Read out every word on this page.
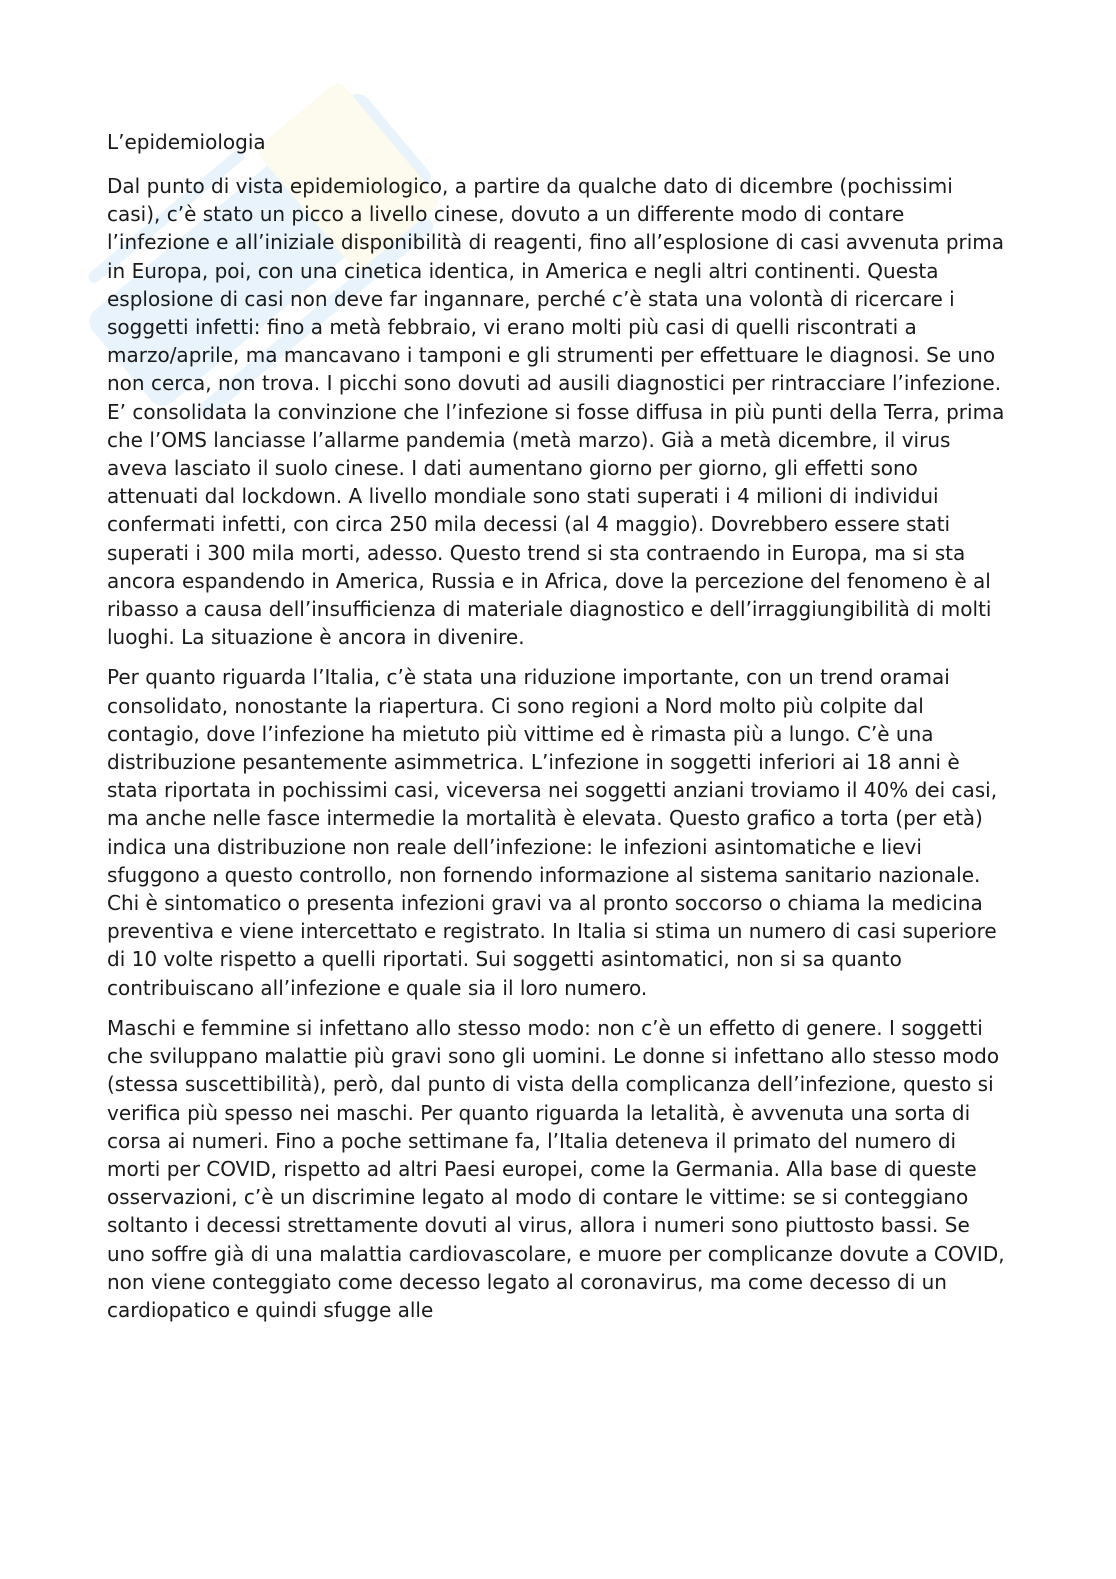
L’epidemiologia

Dal punto di vista epidemiologico, a partire da qualche dato di dicembre (pochissimi casi), c’è stato un picco a livello cinese, dovuto a un differente modo di contare l’infezione e all’iniziale disponibilità di reagenti, fino all’esplosione di casi avvenuta prima in Europa, poi, con una cinetica identica, in America e negli altri continenti. Questa esplosione di casi non deve far ingannare, perché c’è stata una volontà di ricercare i soggetti infetti: fino a metà febbraio, vi erano molti più casi di quelli riscontrati a marzo/aprile, ma mancavano i tamponi e gli strumenti per effettuare le diagnosi. Se uno non cerca, non trova. I picchi sono dovuti ad ausili diagnostici per rintracciare l’infezione. E’ consolidata la convinzione che l’infezione si fosse diffusa in più punti della Terra, prima che l’OMS lanciasse l’allarme pandemia (metà marzo). Già a metà dicembre, il virus aveva lasciato il suolo cinese. I dati aumentano giorno per giorno, gli effetti sono attenuati dal lockdown. A livello mondiale sono stati superati i 4 milioni di individui confermati infetti, con circa 250 mila decessi (al 4 maggio). Dovrebbero essere stati superati i 300 mila morti, adesso. Questo trend si sta contraendo in Europa, ma si sta ancora espandendo in America, Russia e in Africa, dove la percezione del fenomeno è al ribasso a causa dell’insufficienza di materiale diagnostico e dell’irraggiungibilità di molti luoghi. La situazione è ancora in divenire.

Per quanto riguarda l’Italia, c’è stata una riduzione importante, con un trend oramai consolidato, nonostante la riapertura. Ci sono regioni a Nord molto più colpite dal contagio, dove l’infezione ha mietuto più vittime ed è rimasta più a lungo. C’è una distribuzione pesantemente asimmetrica. L’infezione in soggetti inferiori ai 18 anni è stata riportata in pochissimi casi, viceversa nei soggetti anziani troviamo il 40% dei casi, ma anche nelle fasce intermedie la mortalità è elevata. Questo grafico a torta (per età) indica una distribuzione non reale dell’infezione: le infezioni asintomatiche e lievi sfuggono a questo controllo, non fornendo informazione al sistema sanitario nazionale. Chi è sintomatico o presenta infezioni gravi va al pronto soccorso o chiama la medicina preventiva e viene intercettato e registrato. In Italia si stima un numero di casi superiore di 10 volte rispetto a quelli riportati. Sui soggetti asintomatici, non si sa quanto contribuiscano all’infezione e quale sia il loro numero.

Maschi e femmine si infettano allo stesso modo: non c’è un effetto di genere. I soggetti che sviluppano malattie più gravi sono gli uomini. Le donne si infettano allo stesso modo (stessa suscettibilità), però, dal punto di vista della complicanza dell’infezione, questo si verifica più spesso nei maschi. Per quanto riguarda la letalità, è avvenuta una sorta di corsa ai numeri. Fino a poche settimane fa, l’Italia deteneva il primato del numero di morti per COVID, rispetto ad altri Paesi europei, come la Germania. Alla base di queste osservazioni, c’è un discrimine legato al modo di contare le vittime: se si conteggiano soltanto i decessi strettamente dovuti al virus, allora i numeri sono piuttosto bassi. Se uno soffre già di una malattia cardiovascolare, e muore per complicanze dovute a COVID, non viene conteggiato come decesso legato al coronavirus, ma come decesso di un cardiopatico e quindi sfugge alle
